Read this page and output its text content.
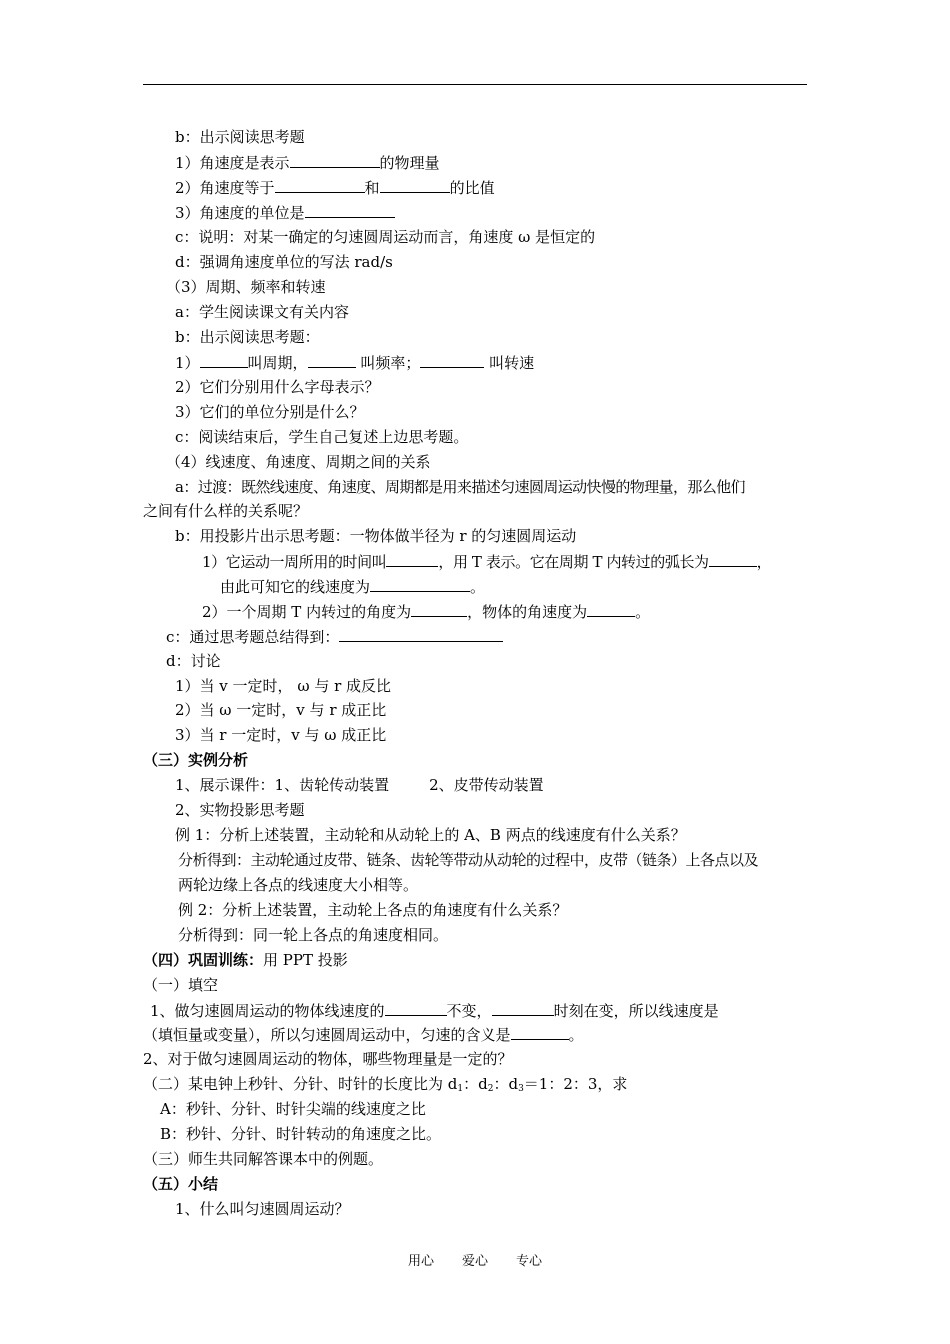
b：出示阅读思考题
1）角速度是表示	的物理量
2）角速度等于	和	的比值
3）角速度的单位是
c：说明：对某一确定的匀速圆周运动而言，角速度 ω 是恒定的
d：强调角速度单位的写法 rad/s
（3）周期、频率和转速
a：学生阅读课文有关内容
b：出示阅读思考题：
1）	叫周期，	叫频率；	叫转速
2）它们分别用什么字母表示？
3）它们的单位分别是什么？
c：阅读结束后，学生自己复述上边思考题。
（4）线速度、角速度、周期之间的关系
a：过渡：既然线速度、角速度、周期都是用来描述匀速圆周运动快慢的物理量，那么他们
之间有什么样的关系呢？
b：用投影片出示思考题：一物体做半径为 r 的匀速圆周运动
1）它运动一周所用的时间叫	，用 T 表示。它在周期 T 内转过的弧长为	，
由此可知它的线速度为	。
2）一个周期 T 内转过的角度为	，物体的角速度为	。
c：通过思考题总结得到：
d：讨论
1）当 v 一定时， ω 与 r 成反比
2）当 ω 一定时，v 与 r 成正比
3）当 r 一定时，v 与 ω 成正比
（三）实例分析
1、展示课件：1、齿轮传动装置	2、皮带传动装置
2、实物投影思考题
例 1：分析上述装置，主动轮和从动轮上的 A、B 两点的线速度有什么关系？
分析得到：主动轮通过皮带、链条、齿轮等带动从动轮的过程中，皮带（链条）上各点以及
两轮边缘上各点的线速度大小相等。
例 2：分析上述装置，主动轮上各点的角速度有什么关系？
分析得到：同一轮上各点的角速度相同。
（四）巩固训练：用 PPT 投影
（一）填空
1、做匀速圆周运动的物体线速度的	不变，	时刻在变，所以线速度是
（填恒量或变量），所以匀速圆周运动中，匀速的含义是	。
2、对于做匀速圆周运动的物体，哪些物理量是一定的？
（二）某电钟上秒针、分针、时针的长度比为 $d_1$：$d_2$：$d_3=1$：2：3，求
A：秒针、分针、时针尖端的线速度之比
B：秒针、分针、时针转动的角速度之比。
（三）师生共同解答课本中的例题。
（五）小结
1、什么叫匀速圆周运动？
用心 爱心 专心
